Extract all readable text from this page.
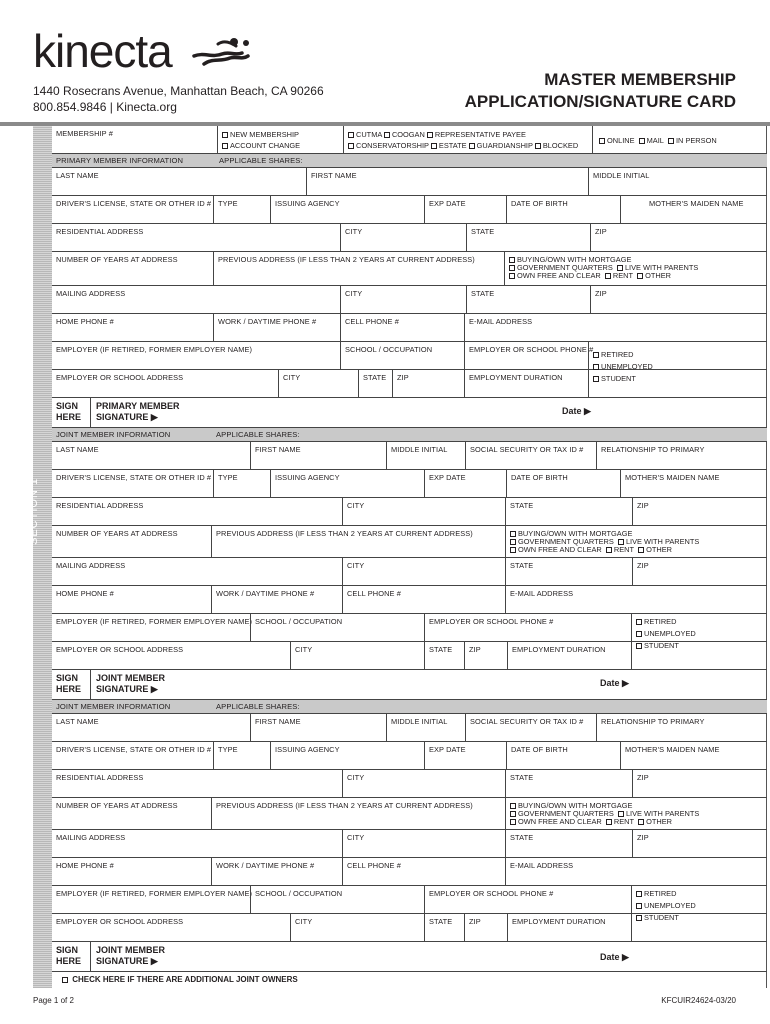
kinecta
1440 Rosecrans Avenue, Manhattan Beach, CA 90266
800.854.9846 | Kinecta.org
MASTER MEMBERSHIP
APPLICATION/SIGNATURE CARD
SECTION 1
MEMBERSHIP #	NEW MEMBERSHIP
ACCOUNT CHANGE
CUTMA COOGAN REPRESENTATIVE PAYEE
CONSERVATORSHIP ESTATE GUARDIANSHIP BLOCKED
ONLINE MAIL IN PERSON
PRIMARY MEMBER INFORMATION	APPLICABLE SHARES:
LAST NAME	FIRST NAME	MIDDLE INITIAL
DRIVER'S LICENSE, STATE OR OTHER ID # TYPE	ISSUING AGENCY	EXP DATE	DATE OF BIRTH	MOTHER'S MAIDEN NAME
RESIDENTIAL ADDRESS	CITY	STATE	ZIP
NUMBER OF YEARS AT ADDRESS	PREVIOUS ADDRESS (IF LESS THAN 2 YEARS AT CURRENT ADDRESS)	BUYING/OWN WITH MORTGAGE
GOVERNMENT QUARTERS LIVE WITH PARENTS
OWN FREE AND CLEAR RENT OTHER
MAILING ADDRESS	CITY	STATE	ZIP
HOME PHONE #	WORK / DAYTIME PHONE #	CELL PHONE #	E-MAIL ADDRESS
EMPLOYER (IF RETIRED, FORMER EMPLOYER NAME)	SCHOOL / OCCUPATION	EMPLOYER OR SCHOOL PHONE #
RETIRED
UNEMPLOYED
EMPLOYER OR SCHOOL ADDRESS	CITY	STATE ZIP	EMPLOYMENT DURATION	STUDENT
SIGN
HERE
PRIMARY MEMBER
SIGNATURE ▶
Date ▶
JOINT MEMBER INFORMATION	APPLICABLE SHARES:
LAST NAME	FIRST NAME	MIDDLE INITIAL	SOCIAL SECURITY OR TAX ID # RELATIONSHIP TO PRIMARY
DRIVER'S LICENSE, STATE OR OTHER ID # TYPE	ISSUING AGENCY	EXP DATE	DATE OF BIRTH	MOTHER'S MAIDEN NAME
RESIDENTIAL ADDRESS	CITY	STATE	ZIP
NUMBER OF YEARS AT ADDRESS	PREVIOUS ADDRESS (IF LESS THAN 2 YEARS AT CURRENT ADDRESS)	BUYING/OWN WITH MORTGAGE
GOVERNMENT QUARTERS LIVE WITH PARENTS
OWN FREE AND CLEAR RENT OTHER
MAILING ADDRESS	CITY	STATE	ZIP
HOME PHONE #	WORK / DAYTIME PHONE #	CELL PHONE #	E-MAIL ADDRESS
EMPLOYER (IF RETIRED, FORMER EMPLOYER NAME) SCHOOL / OCCUPATION	EMPLOYER OR SCHOOL PHONE #	RETIRED
UNEMPLOYED
EMPLOYER OR SCHOOL ADDRESS	CITY	STATE ZIP	EMPLOYMENT DURATION	STUDENT
SIGN
HERE
JOINT MEMBER
SIGNATURE ▶
Date ▶
JOINT MEMBER INFORMATION	APPLICABLE SHARES:
LAST NAME	FIRST NAME	MIDDLE INITIAL	SOCIAL SECURITY OR TAX ID # RELATIONSHIP TO PRIMARY
DRIVER'S LICENSE, STATE OR OTHER ID # TYPE	ISSUING AGENCY	EXP DATE	DATE OF BIRTH	MOTHER'S MAIDEN NAME
RESIDENTIAL ADDRESS	CITY	STATE	ZIP
NUMBER OF YEARS AT ADDRESS	PREVIOUS ADDRESS (IF LESS THAN 2 YEARS AT CURRENT ADDRESS)	BUYING/OWN WITH MORTGAGE
GOVERNMENT QUARTERS LIVE WITH PARENTS
OWN FREE AND CLEAR RENT OTHER
MAILING ADDRESS	CITY	STATE	ZIP
HOME PHONE #	WORK / DAYTIME PHONE #	CELL PHONE #	E-MAIL ADDRESS
EMPLOYER (IF RETIRED, FORMER EMPLOYER NAME) SCHOOL / OCCUPATION	EMPLOYER OR SCHOOL PHONE #	RETIRED
UNEMPLOYED
EMPLOYER OR SCHOOL ADDRESS	CITY	STATE ZIP	EMPLOYMENT DURATION	STUDENT
SIGN
HERE
JOINT MEMBER
SIGNATURE ▶	Date ▶
CHECK HERE IF THERE ARE ADDITIONAL JOINT OWNERS
Page 1 of 2	KFCUIR24624-03/20
